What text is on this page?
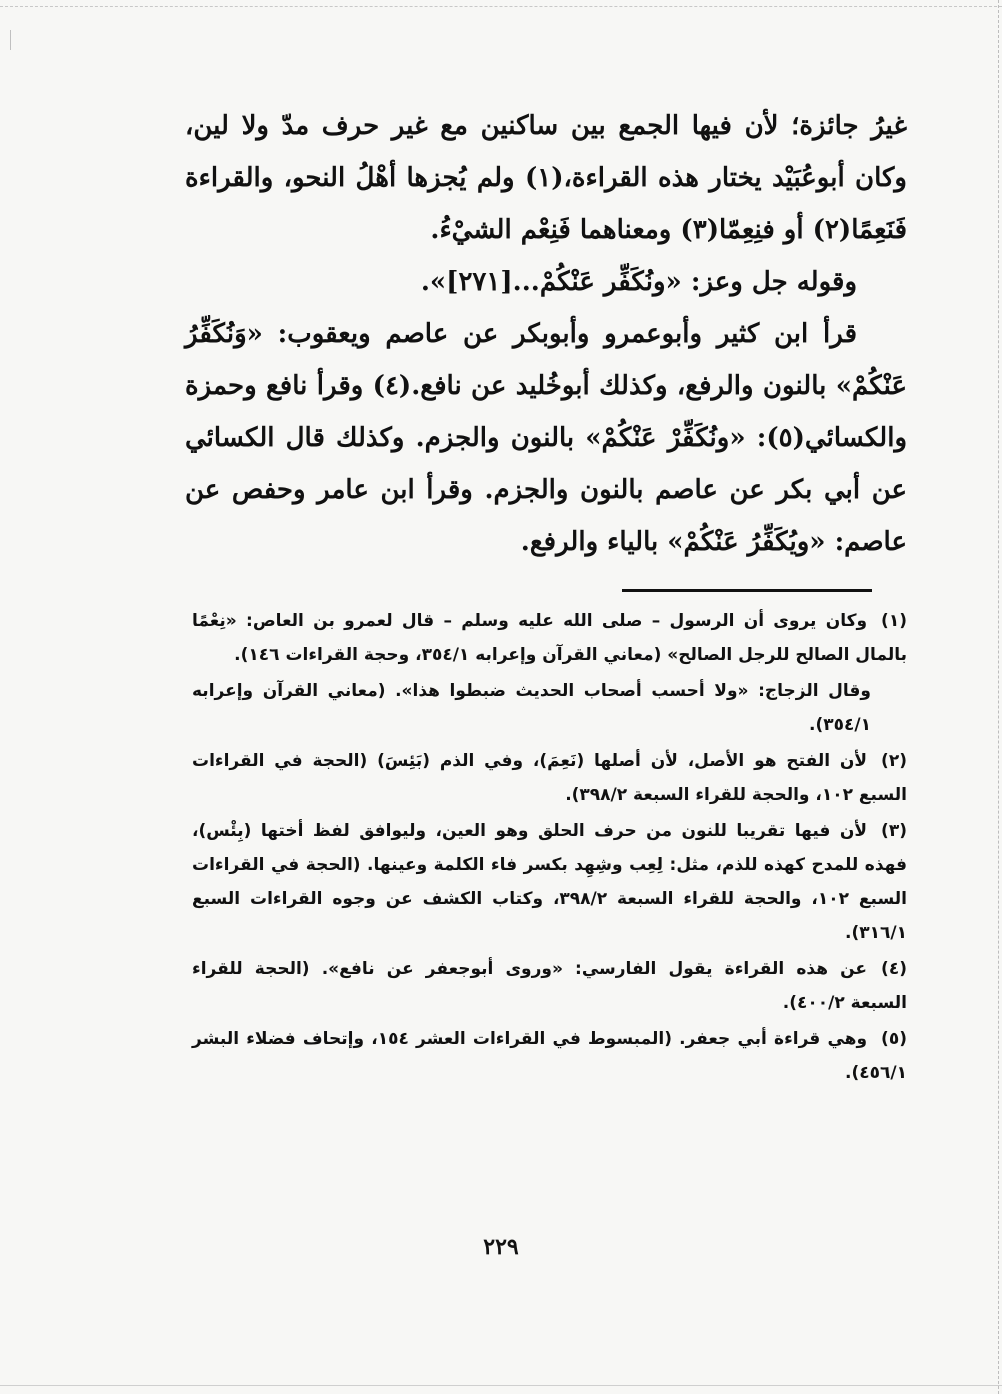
غيرُ جائزة؛ لأن فيها الجمع بين ساكنين مع غير حرف مدّ ولا لين، وكان أبوعُبَيْد يختار هذه القراءة،(١) ولم يُجزها أهْلُ النحو، والقراءة فَنَعِمًا(٢) أو فنِعِمّا(٣) ومعناهما فَنِعْم الشيْءُ.

وقوله جل وعز: «ونُكَفِّر عَنْكُمْ...[٢٧١]».

قرأ ابن كثير وأبوعمرو وأبوبكر عن عاصم ويعقوب: «وَنُكَفِّرُ عَنْكُمْ» بالنون والرفع، وكذلك أبوخُليد عن نافع.(٤) وقرأ نافع وحمزة والكسائي(٥): «ونُكَفِّرْ عَنْكُمْ» بالنون والجزم. وكذلك قال الكسائي عن أبي بكر عن عاصم بالنون والجزم. وقرأ ابن عامر وحفص عن عاصم: «ويُكَفِّرُ عَنْكُمْ» بالياء والرفع.

(١)وكان يروى أن الرسول – صلى الله عليه وسلم – قال لعمرو بن العاص: «نِعْمًا بالمال الصالح للرجل الصالح» (معاني القرآن وإعرابه ٣٥٤/١، وحجة القراءات ١٤٦).

وقال الزجاج: «ولا أحسب أصحاب الحديث ضبطوا هذا». (معاني القرآن وإعرابه ٣٥٤/١).

(٢)لأن الفتح هو الأصل، لأن أصلها (نَعِمَ)، وفي الذم (بَئِسَ) (الحجة في القراءات السبع ١٠٢، والحجة للقراء السبعة ٣٩٨/٢).

(٣)لأن فيها تقريبا للنون من حرف الحلق وهو العين، وليوافق لفظ أختها (بِئْس)، فهذه للمدح كهذه للذم، مثل: لِعِب وشِهِد بكسر فاء الكلمة وعينها. (الحجة في القراءات السبع ١٠٢، والحجة للقراء السبعة ٣٩٨/٢، وكتاب الكشف عن وجوه القراءات السبع ٣١٦/١).

(٤)عن هذه القراءة يقول الفارسي: «وروى أبوجعفر عن نافع». (الحجة للقراء السبعة ٤٠٠/٢).

(٥)وهي قراءة أبي جعفر. (المبسوط في القراءات العشر ١٥٤، وإتحاف فضلاء البشر ٤٥٦/١).

٢٢٩
